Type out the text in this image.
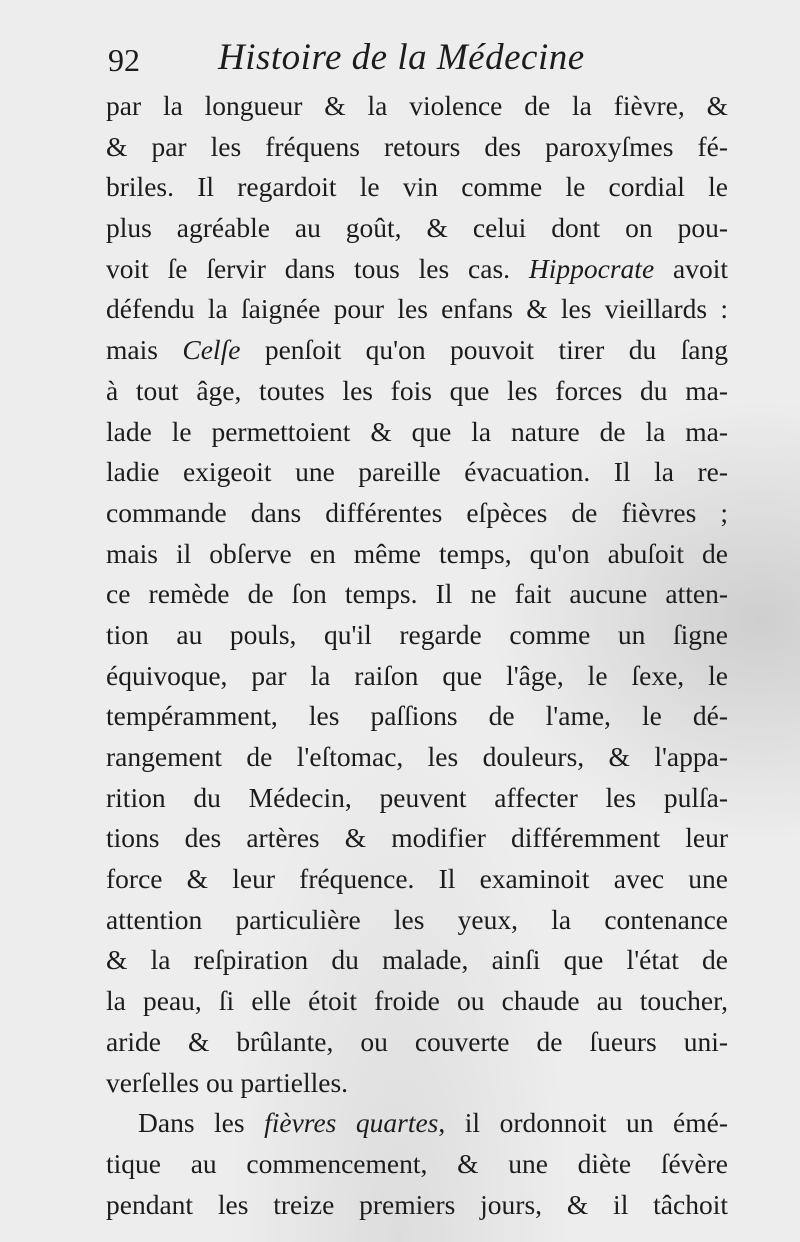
92 Histoire de la Médecine
par la longueur & la violence de la fièvre, &
& par les fréquens retours des paroxyſmes fé-
briles. Il regardoit le vin comme le cordial le
plus agréable au goût, & celui dont on pou-
voit ſe ſervir dans tous les cas. Hippocrate avoit
défendu la ſaignée pour les enfans & les vieillards :
mais Celſe penſoit qu'on pouvoit tirer du ſang
à tout âge, toutes les fois que les forces du ma-
lade le permettoient & que la nature de la ma-
ladie exigeoit une pareille évacuation. Il la re-
commande dans différentes eſpèces de fièvres ;
mais il obſerve en même temps, qu'on abuſoit de
ce remède de ſon temps. Il ne fait aucune atten-
tion au pouls, qu'il regarde comme un ſigne
équivoque, par la raiſon que l'âge, le ſexe, le
tempéramment, les paſſions de l'ame, le dé-
rangement de l'eſtomac, les douleurs, & l'appa-
rition du Médecin, peuvent affecter les pulſa-
tions des artères & modifier différemment leur
force & leur fréquence. Il examinoit avec une
attention particulière les yeux, la contenance
& la reſpiration du malade, ainſi que l'état de
la peau, ſi elle étoit froide ou chaude au toucher,
aride & brûlante, ou couverte de ſueurs uni-
verſelles ou partielles.
Dans les fièvres quartes, il ordonnoit un émé-
tique au commencement, & une diète ſévère
pendant les treize premiers jours, & il tâchoit
